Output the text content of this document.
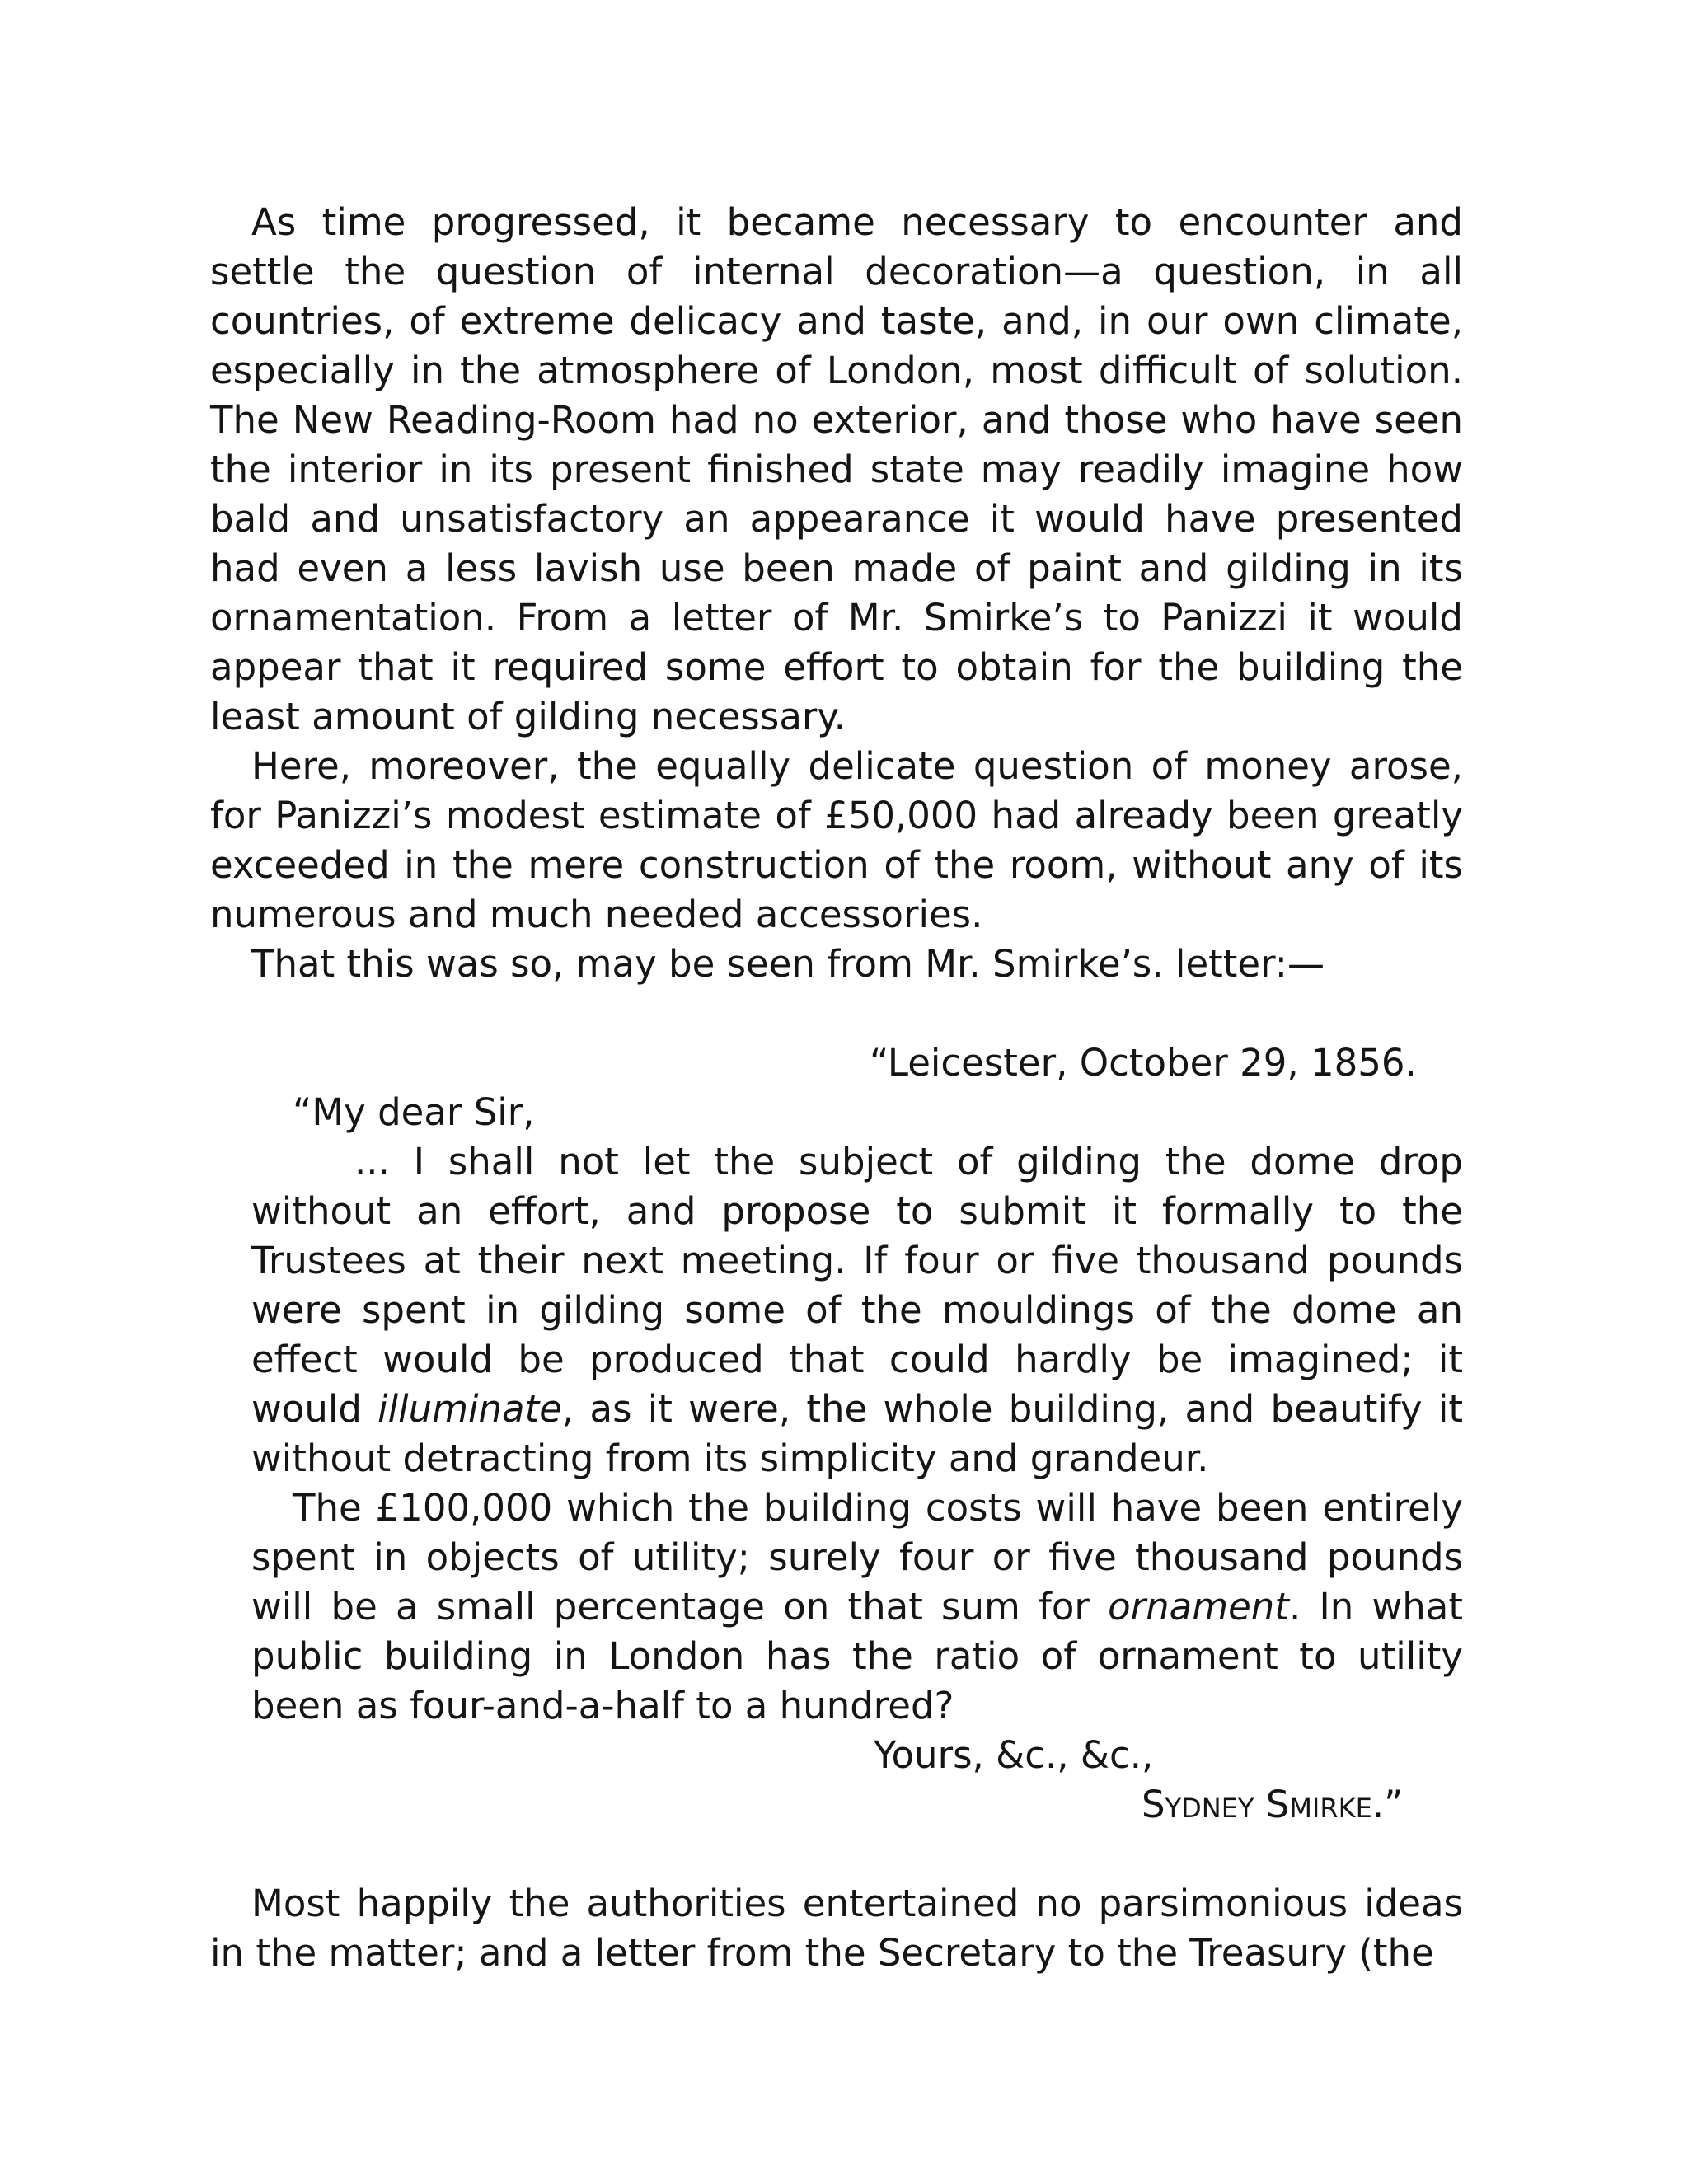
As time progressed, it became necessary to encounter and settle the question of internal decoration—a question, in all countries, of extreme delicacy and taste, and, in our own climate, especially in the atmosphere of London, most difficult of solution. The New Reading-Room had no exterior, and those who have seen the interior in its present finished state may readily imagine how bald and unsatisfactory an appearance it would have presented had even a less lavish use been made of paint and gilding in its ornamentation. From a letter of Mr. Smirke’s to Panizzi it would appear that it required some effort to obtain for the building the least amount of gilding necessary.

Here, moreover, the equally delicate question of money arose, for Panizzi’s modest estimate of £50,000 had already been greatly exceeded in the mere construction of the room, without any of its numerous and much needed accessories.

That this was so, may be seen from Mr. Smirke’s. letter:—

“Leicester, October 29, 1856.

“My dear Sir,

... I shall not let the subject of gilding the dome drop without an effort, and propose to submit it formally to the Trustees at their next meeting. If four or five thousand pounds were spent in gilding some of the mouldings of the dome an effect would be produced that could hardly be imagined; it would illuminate, as it were, the whole building, and beautify it without detracting from its simplicity and grandeur.

The £100,000 which the building costs will have been entirely spent in objects of utility; surely four or five thousand pounds will be a small percentage on that sum for ornament. In what public building in London has the ratio of ornament to utility been as four-and-a-half to a hundred?

Yours, &c., &c.,

Sydney Smirke.”

Most happily the authorities entertained no parsimonious ideas in the matter; and a letter from the Secretary to the Treasury (the
